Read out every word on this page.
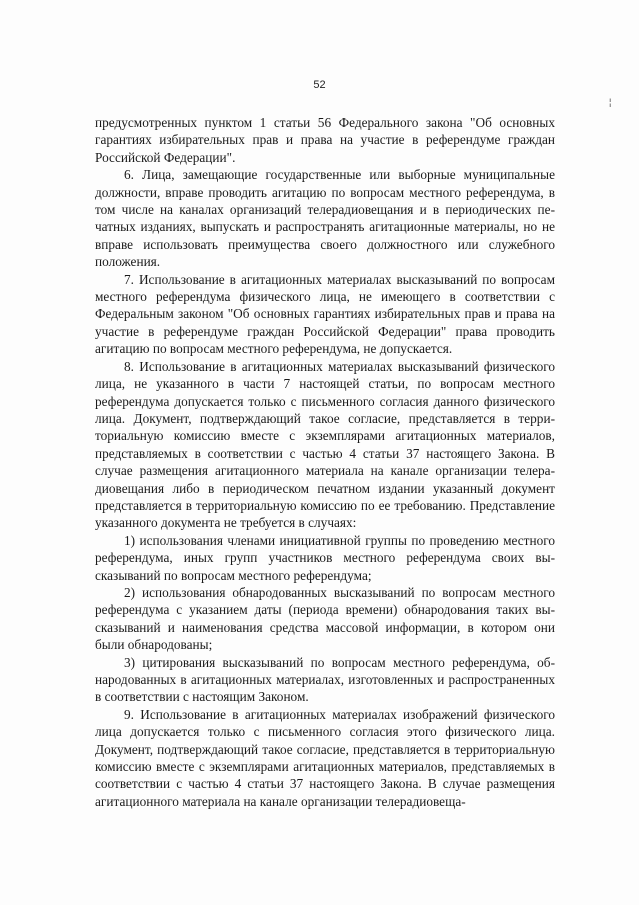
52
¦

предусмотренных пунктом 1 статьи 56 Федерального закона "Об основных гарантиях избирательных прав и права на участие в референдуме граждан Российской Федерации".

6. Лица, замещающие государственные или выборные муниципальные должности, вправе проводить агитацию по вопросам местного референдума, в том числе на каналах организаций телерадиовещания и в периодических печатных изданиях, выпускать и распространять агитационные материалы, но не вправе использовать преимущества своего должностного или служебного положения.

7. Использование в агитационных материалах высказываний по вопросам местного референдума физического лица, не имеющего в соответствии с Федеральным законом "Об основных гарантиях избирательных прав и права на участие в референдуме граждан Российской Федерации" права проводить агитацию по вопросам местного референдума, не допускается.

8. Использование в агитационных материалах высказываний физического лица, не указанного в части 7 настоящей статьи, по вопросам местного референдума допускается только с письменного согласия данного физического лица. Документ, подтверждающий такое согласие, представляется в территориальную комиссию вместе с экземплярами агитационных материалов, представляемых в соответствии с частью 4 статьи 37 настоящего Закона. В случае размещения агитационного материала на канале организации телерадиовещания либо в периодическом печатном издании указанный документ представляется в территориальную комиссию по ее требованию. Представление указанного документа не требуется в случаях:

1) использования членами инициативной группы по проведению местного референдума, иных групп участников местного референдума своих высказываний по вопросам местного референдума;

2) использования обнародованных высказываний по вопросам местного референдума с указанием даты (периода времени) обнародования таких высказываний и наименования средства массовой информации, в котором они были обнародованы;

3) цитирования высказываний по вопросам местного референдума, обнародованных в агитационных материалах, изготовленных и распространенных в соответствии с настоящим Законом.

9. Использование в агитационных материалах изображений физического лица допускается только с письменного согласия этого физического лица. Документ, подтверждающий такое согласие, представляется в территориальную комиссию вместе с экземплярами агитационных материалов, представляемых в соответствии с частью 4 статьи 37 настоящего Закона. В случае размещения агитационного материала на канале организации телерадиовеща-
